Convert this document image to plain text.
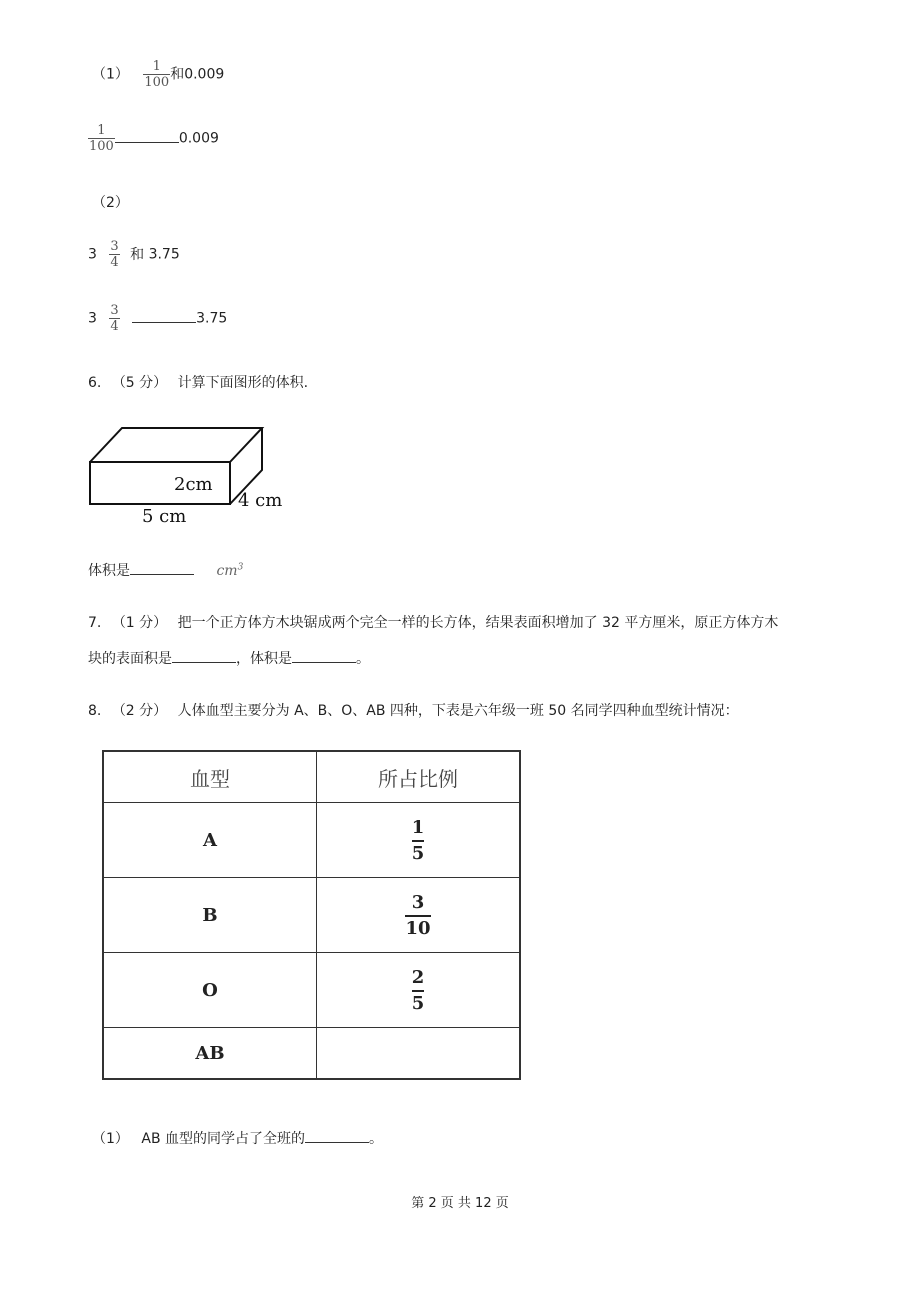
$(1) \frac{1}{100}$ 和0.009
$\frac{1}{100}$	0.009
（2）
$3 \frac{3}{4}$ 和 3.75
$3 \frac{3}{4}$	3.75
6. （5 分） 计算下面图形的体积.
2cm
4 cm
5 cm
体积是	$cm^3$
7. （1 分） 把一个正方体方木块锯成两个完全一样的长方体，结果表面积增加了 32 平方厘米，原正方体方木
块的表面积是	，体积是	。
8. （2 分） 人体血型主要分为 A、B、O、AB 四种，下表是六年级一班 50 名同学四种血型统计情况：
血型	所占比例
A	$\frac{1}{5}$

B	$\frac{3}{10}$

O	$\frac{2}{5}$

AB	
（1） AB 血型的同学占了全班的	。
第 2 页 共 12 页
